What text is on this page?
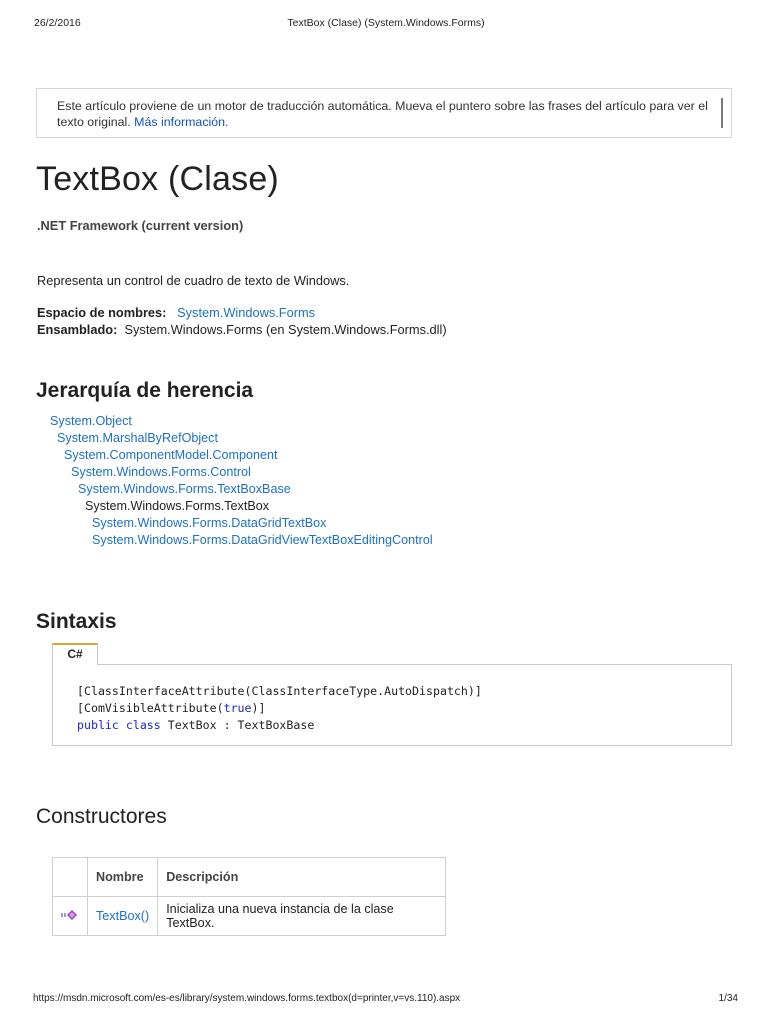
26/2/2016	TextBox (Clase) (System.Windows.Forms)
Este artículo proviene de un motor de traducción automática. Mueva el puntero sobre las frases del artículo para ver el texto original. Más información.
TextBox (Clase)
.NET Framework (current version)
Representa un control de cuadro de texto de Windows.
Espacio de nombres: System.Windows.Forms
Ensamblado: System.Windows.Forms (en System.Windows.Forms.dll)
Jerarquía de herencia
System.Object
System.MarshalByRefObject
System.ComponentModel.Component
System.Windows.Forms.Control
System.Windows.Forms.TextBoxBase
System.Windows.Forms.TextBox
System.Windows.Forms.DataGridTextBox
System.Windows.Forms.DataGridViewTextBoxEditingControl
Sintaxis
C#
[ClassInterfaceAttribute(ClassInterfaceType.AutoDispatch)]
[ComVisibleAttribute(true)]
public class TextBox : TextBoxBase
Constructores
	Nombre	Descripción
	TextBox()	Inicializa una nueva instancia de la clase TextBox.
https://msdn.microsoft.com/es-es/library/system.windows.forms.textbox(d=printer,v=vs.110).aspx	1/34
